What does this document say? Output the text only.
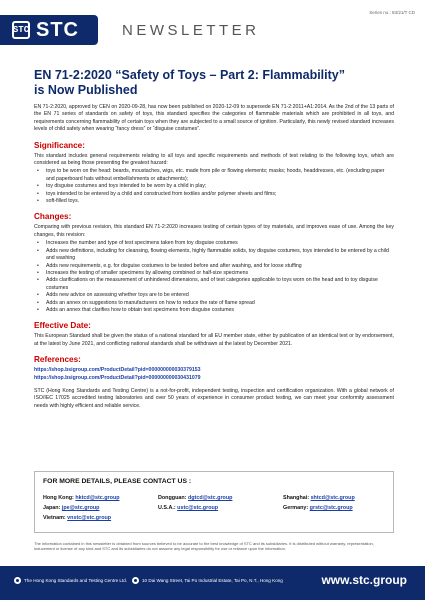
STC STC	NEWSLETTER
Series no.: 83/21/T CD
EN 71-2:2020 “Safety of Toys – Part 2: Flammability”
is Now Published

EN 71-2:2020, approved by CEN on 2020-09-28, has now been published on 2020-12-09 to supersede EN 71-2:2011+A1:2014. As the 2nd of the 13 parts of the EN 71 series of standards on safety of toys, this standard specifies the categories of flammable materials which are prohibited in all toys, and requirements concerning flammability of certain toys when they are subjected to a small source of ignition. Particularly, this newly revised standard increases levels of child safety when wearing “fancy dress” or “disguise costumes”.

Significance:

This standard includes general requirements relating to all toys and specific requirements and methods of test relating to the following toys, which are considered as being those presenting the greatest hazard:

• toys to be worn on the head: beards, moustaches, wigs, etc. made from pile or flowing elements; masks; hoods, headdresses, etc. (excluding paper and paperboard hats without embellishments or attachments);
• toy disguise costumes and toys intended to be worn by a child in play;
• toys intended to be entered by a child and constructed from textiles and/or polymer sheets and films;
• soft-filled toys.
Changes:

Comparing with previous revision, this standard EN 71-2:2020 increases testing of certain types of toy materials, and improves ease of use. Among the key changes, this revision:

• Increases the number and type of test specimens taken from toy disguise costumes
• Adds new definitions, including for cleansing, flowing elements, highly flammable solids, toy disguise costumes, toys intended to be entered by a child and washing
• Adds new requirements, e.g. for disguise costumes to be tested before and after washing, and for loose stuffing
• Increases the testing of smaller specimens by allowing combined or half-size specimens
• Adds clarifications on the measurement of unhindered dimensions, and of test categories applicable to toys worn on the head and to toy disguise costumes
• Adds new advice on assessing whether toys are to be entered
• Adds an annex on suggestions to manufacturers on how to reduce the rate of flame spread
• Adds an annex that clarifies how to obtain test specimens from disguise costumes
Effective Date:

This European Standard shall be given the status of a national standard for all EU member state, either by publication of an identical text or by endorsement, at the latest by June 2021, and conflicting national standards shall be withdrawn at the latest by December 2021.

References:
https://shop.bsigroup.com/ProductDetail?pid=000000000030379153
https://shop.bsigroup.com/ProductDetail?pid=000000000030431079

STC (Hong Kong Standards and Testing Centre) is a not-for-profit, independent testing, inspection and certification organization. With a global network of ISO/IEC 17025 accredited testing laboratories and over 50 years of experience in consumer product testing, we can meet your conformity assessment needs with highly efficient and reliable service.

FOR MORE DETAILS, PLEASE CONTACT US :
Hong Kong: hktcd@stc.group	Dongguan: dgtcd@stc.group	Shanghai: shtcd@stc.group
Japan: jpe@stc.group	U.S.A.: ustc@stc.group	Germany: grstc@stc.group
Vietnam: vnstc@stc.group
The information contained in this newsletter is obtained from sources believed to be accurate to the best knowledge of STC and its subsidiaries. It is distributed without warranty, representation, inducement or license of any kind and STC and its subsidiaries do not assume any legal responsibility for use or reliance upon the information.
The Hong Kong Standards and Testing Centre Ltd.	10 Dai Wang Street, Tai Po Industrial Estate, Tai Po, N.T., Hong Kong	www.stc.group
